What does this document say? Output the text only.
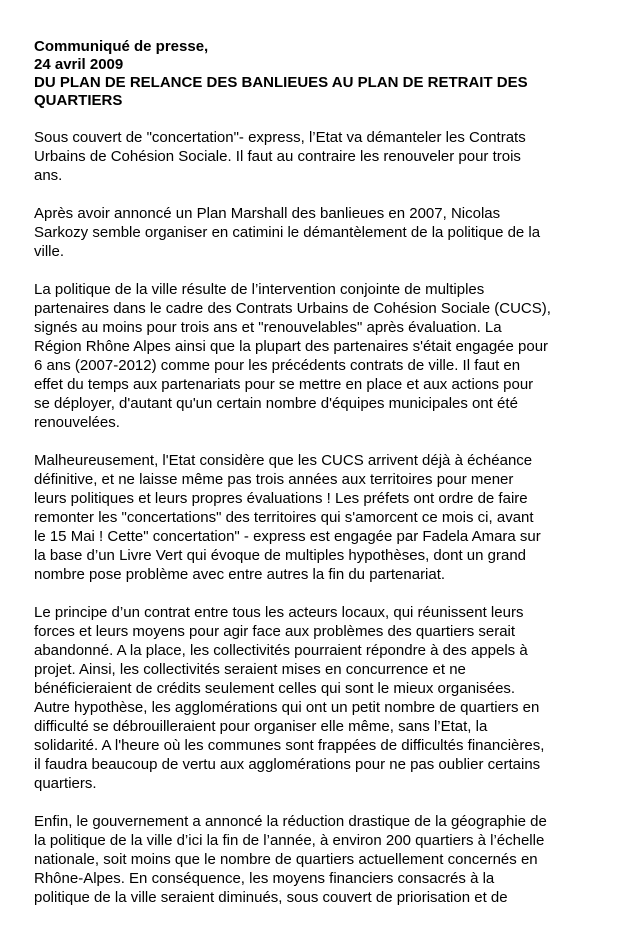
Communiqué de presse,

24 avril 2009

DU PLAN DE RELANCE DES BANLIEUES AU PLAN DE RETRAIT DES

QUARTIERS

Sous couvert de "concertation"- express, l’Etat va démanteler les Contrats
Urbains de Cohésion Sociale. Il faut au contraire les renouveler pour trois
ans.

Après avoir annoncé un Plan Marshall des banlieues en 2007, Nicolas
Sarkozy semble organiser en catimini le démantèlement de la politique de la
ville.

La politique de la ville résulte de l’intervention conjointe de multiples
partenaires dans le cadre des Contrats Urbains de Cohésion Sociale (CUCS),
signés au moins pour trois ans et "renouvelables" après évaluation. La
Région Rhône Alpes ainsi que la plupart des partenaires s'était engagée pour
6 ans (2007-2012) comme pour les précédents contrats de ville. Il faut en
effet du temps aux partenariats pour se mettre en place et aux actions pour
se déployer, d'autant qu'un certain nombre d'équipes municipales ont été
renouvelées.

Malheureusement, l'Etat considère que les CUCS arrivent déjà à échéance
définitive, et ne laisse même pas trois années aux territoires pour mener
leurs politiques et leurs propres évaluations ! Les préfets ont ordre de faire
remonter les "concertations" des territoires qui s'amorcent ce mois ci, avant
le 15 Mai ! Cette" concertation" - express est engagée par Fadela Amara sur
la base d’un Livre Vert qui évoque de multiples hypothèses, dont un grand
nombre pose problème avec entre autres la fin du partenariat.

Le principe d’un contrat entre tous les acteurs locaux, qui réunissent leurs
forces et leurs moyens pour agir face aux problèmes des quartiers serait
abandonné. A la place, les collectivités pourraient répondre à des appels à
projet. Ainsi, les collectivités seraient mises en concurrence et ne
bénéficieraient de crédits seulement celles qui sont le mieux organisées.
Autre hypothèse, les agglomérations qui ont un petit nombre de quartiers en
difficulté se débrouilleraient pour organiser elle même, sans l’Etat, la
solidarité. A l'heure où les communes sont frappées de difficultés financières,
il faudra beaucoup de vertu aux agglomérations pour ne pas oublier certains
quartiers.

Enfin, le gouvernement a annoncé la réduction drastique de la géographie de
la politique de la ville d’ici la fin de l’année, à environ 200 quartiers à l’échelle
nationale, soit moins que le nombre de quartiers actuellement concernés en
Rhône-Alpes. En conséquence, les moyens financiers consacrés à la
politique de la ville seraient diminués, sous couvert de priorisation et de
